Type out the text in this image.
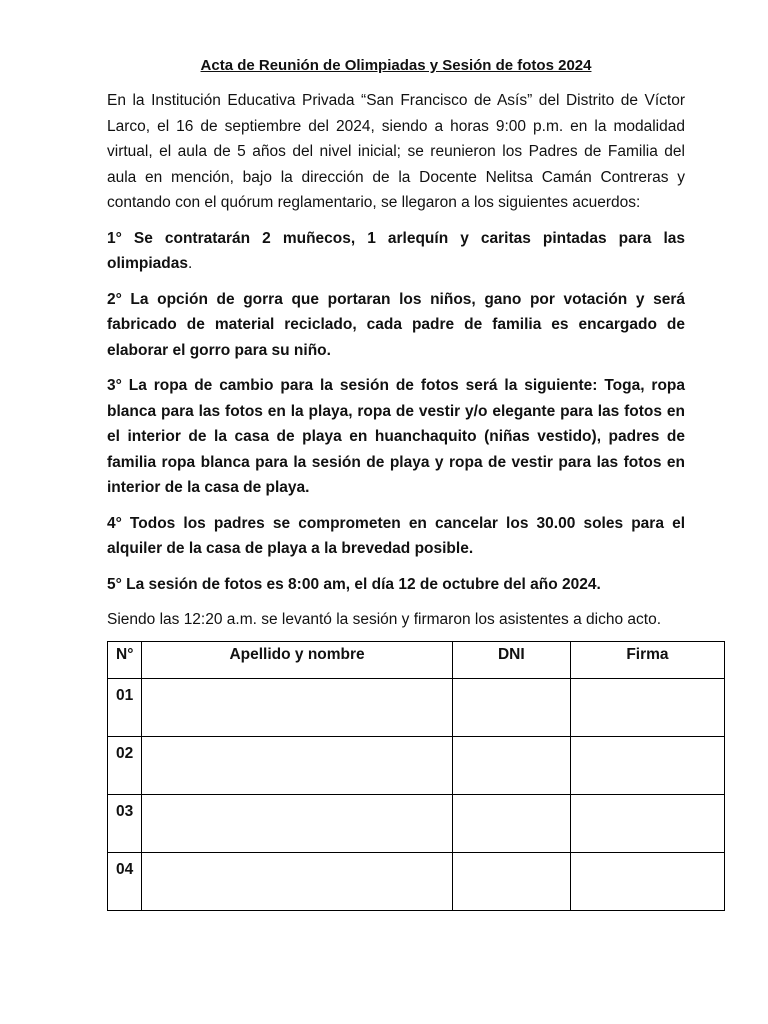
Acta de Reunión de Olimpiadas y Sesión de fotos 2024

En la Institución Educativa Privada “San Francisco de Asís” del Distrito de Víctor Larco, el 16 de septiembre del 2024, siendo a horas 9:00 p.m. en la modalidad virtual, el aula de 5 años del nivel inicial; se reunieron los Padres de Familia del aula en mención, bajo la dirección de la Docente Nelitsa Camán Contreras y contando con el quórum reglamentario, se llegaron a los siguientes acuerdos:

1° Se contratarán 2 muñecos, 1 arlequín y caritas pintadas para las olimpiadas.

2° La opción de gorra que portaran los niños, gano por votación y será fabricado de material reciclado, cada padre de familia es encargado de elaborar el gorro para su niño.

3° La ropa de cambio para la sesión de fotos será la siguiente: Toga, ropa blanca para las fotos en la playa, ropa de vestir y/o elegante para las fotos en el interior de la casa de playa en huanchaquito (niñas vestido), padres de familia ropa blanca para la sesión de playa y ropa de vestir para las fotos en interior de la casa de playa.

4° Todos los padres se comprometen en cancelar los 30.00 soles para el alquiler de la casa de playa a la brevedad posible.

5° La sesión de fotos es 8:00 am, el día 12 de octubre del año 2024.

Siendo las 12:20 a.m. se levantó la sesión y firmaron los asistentes a dicho acto.

N°	Apellido y nombre	DNI	Firma
01			
02			
03			
04			
